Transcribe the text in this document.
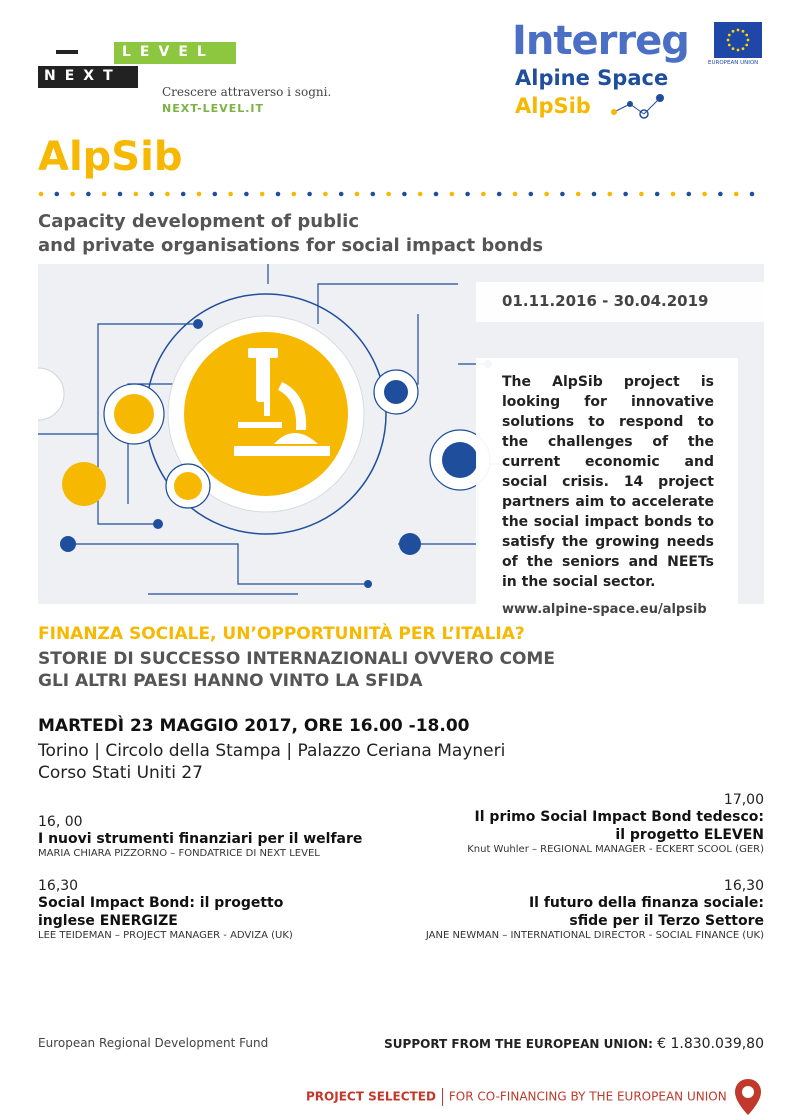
LEVEL
NEXT
Crescere attraverso i sogni.
NEXT-LEVEL.IT
Interreg
Alpine Space
AlpSib
EUROPEAN UNION
AlpSib
Capacity development of public
and private organisations for social impact bonds
01.11.2016 - 30.04.2019
The AlpSib project is looking for innovative solutions to respond to the challenges of the current economic and social crisis. 14 project partners aim to accelerate the social impact bonds to satisfy the growing needs of the seniors and NEETs in the social sector.
www.alpine-space.eu/alpsib
FINANZA SOCIALE, UN’OPPORTUNITÀ PER L’ITALIA?
STORIE DI SUCCESSO INTERNAZIONALI OVVERO COME
GLI ALTRI PAESI HANNO VINTO LA SFIDA
MARTEDÌ 23 MAGGIO 2017, ORE 16.00 -18.00
Torino | Circolo della Stampa | Palazzo Ceriana Mayneri
Corso Stati Uniti 27
16, 00
I nuovi strumenti finanziari per il welfare
MARIA CHIARA PIZZORNO – FONDATRICE DI NEXT LEVEL
17,00
Il primo Social Impact Bond tedesco:
il progetto ELEVEN
Knut Wuhler – REGIONAL MANAGER - ECKERT SCOOL (GER)
16,30
Social Impact Bond: il progetto
inglese ENERGIZE
LEE TEIDEMAN – PROJECT MANAGER - ADVIZA (UK)
16,30
Il futuro della finanza sociale:
sfide per il Terzo Settore
JANE NEWMAN – INTERNATIONAL DIRECTOR - SOCIAL FINANCE (UK)
European Regional Development Fund	SUPPORT FROM THE EUROPEAN UNION: € 1.830.039,80
PROJECT SELECTED FOR CO-FINANCING BY THE EUROPEAN UNION
